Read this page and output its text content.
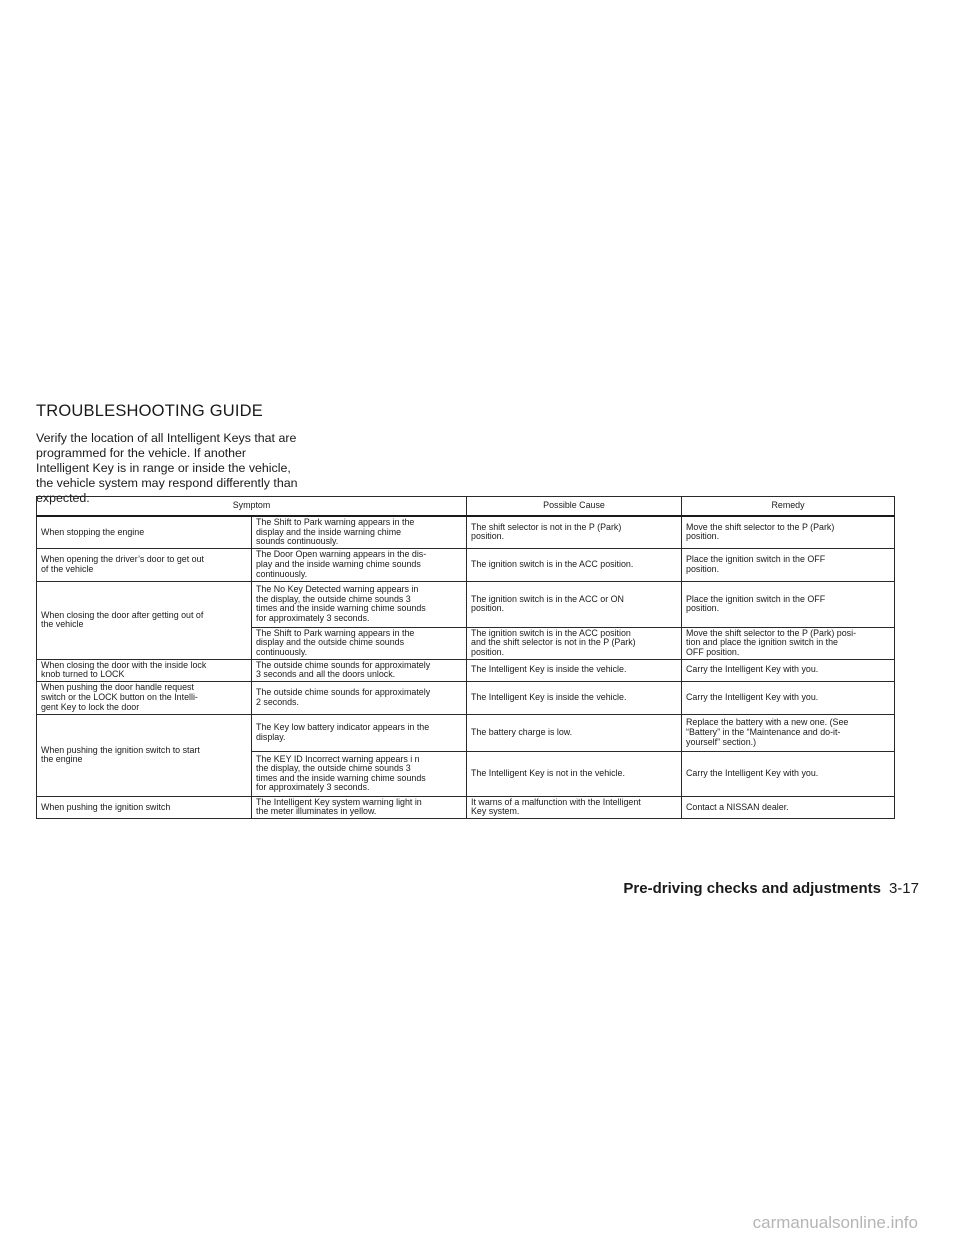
TROUBLESHOOTING GUIDE

Verify the location of all Intelligent Keys that are programmed for the vehicle. If another Intelligent Key is in range or inside the vehicle, the vehicle system may respond differently than expected.

Symptom		Possible Cause	Remedy
When stopping the engine	The Shift to Park warning appears in the
display and the inside warning chime
sounds continuously.	The shift selector is not in the P (Park)
position.	Move the shift selector to the P (Park)
position.
When opening the driver’s door to get out
of the vehicle	The Door Open warning appears in the dis-
play and the inside warning chime sounds
continuously.	The ignition switch is in the ACC position.	Place the ignition switch in the OFF
position.
When closing the door after getting out of
the vehicle	The No Key Detected warning appears in
the display, the outside chime sounds 3
times and the inside warning chime sounds
for approximately 3 seconds.	The ignition switch is in the ACC or ON
position.	Place the ignition switch in the OFF
position.
	The Shift to Park warning appears in the
display and the outside chime sounds
continuously.	The ignition switch is in the ACC position
and the shift selector is not in the P (Park)
position.	Move the shift selector to the P (Park) posi-
tion and place the ignition switch in the
OFF position.
When closing the door with the inside lock
knob turned to LOCK	The outside chime sounds for approximately
3 seconds and all the doors unlock.	The Intelligent Key is inside the vehicle.	Carry the Intelligent Key with you.
When pushing the door handle request
switch or the LOCK button on the Intelli-
gent Key to lock the door	The outside chime sounds for approximately
2 seconds.	The Intelligent Key is inside the vehicle.	Carry the Intelligent Key with you.
When pushing the ignition switch to start
the engine	The Key low battery indicator appears in the
display.	The battery charge is low.	Replace the battery with a new one. (See
“Battery” in the “Maintenance and do-it-
yourself” section.)
	The KEY ID Incorrect warning appears i n
the display, the outside chime sounds 3
times and the inside warning chime sounds
for approximately 3 seconds.	The Intelligent Key is not in the vehicle.	Carry the Intelligent Key with you.
When pushing the ignition switch	The Intelligent Key system warning light in
the meter illuminates in yellow.	It warns of a malfunction with the Intelligent
Key system.	Contact a NISSAN dealer.
Pre-driving checks and adjustments 3-17
carmanualsonline.info
